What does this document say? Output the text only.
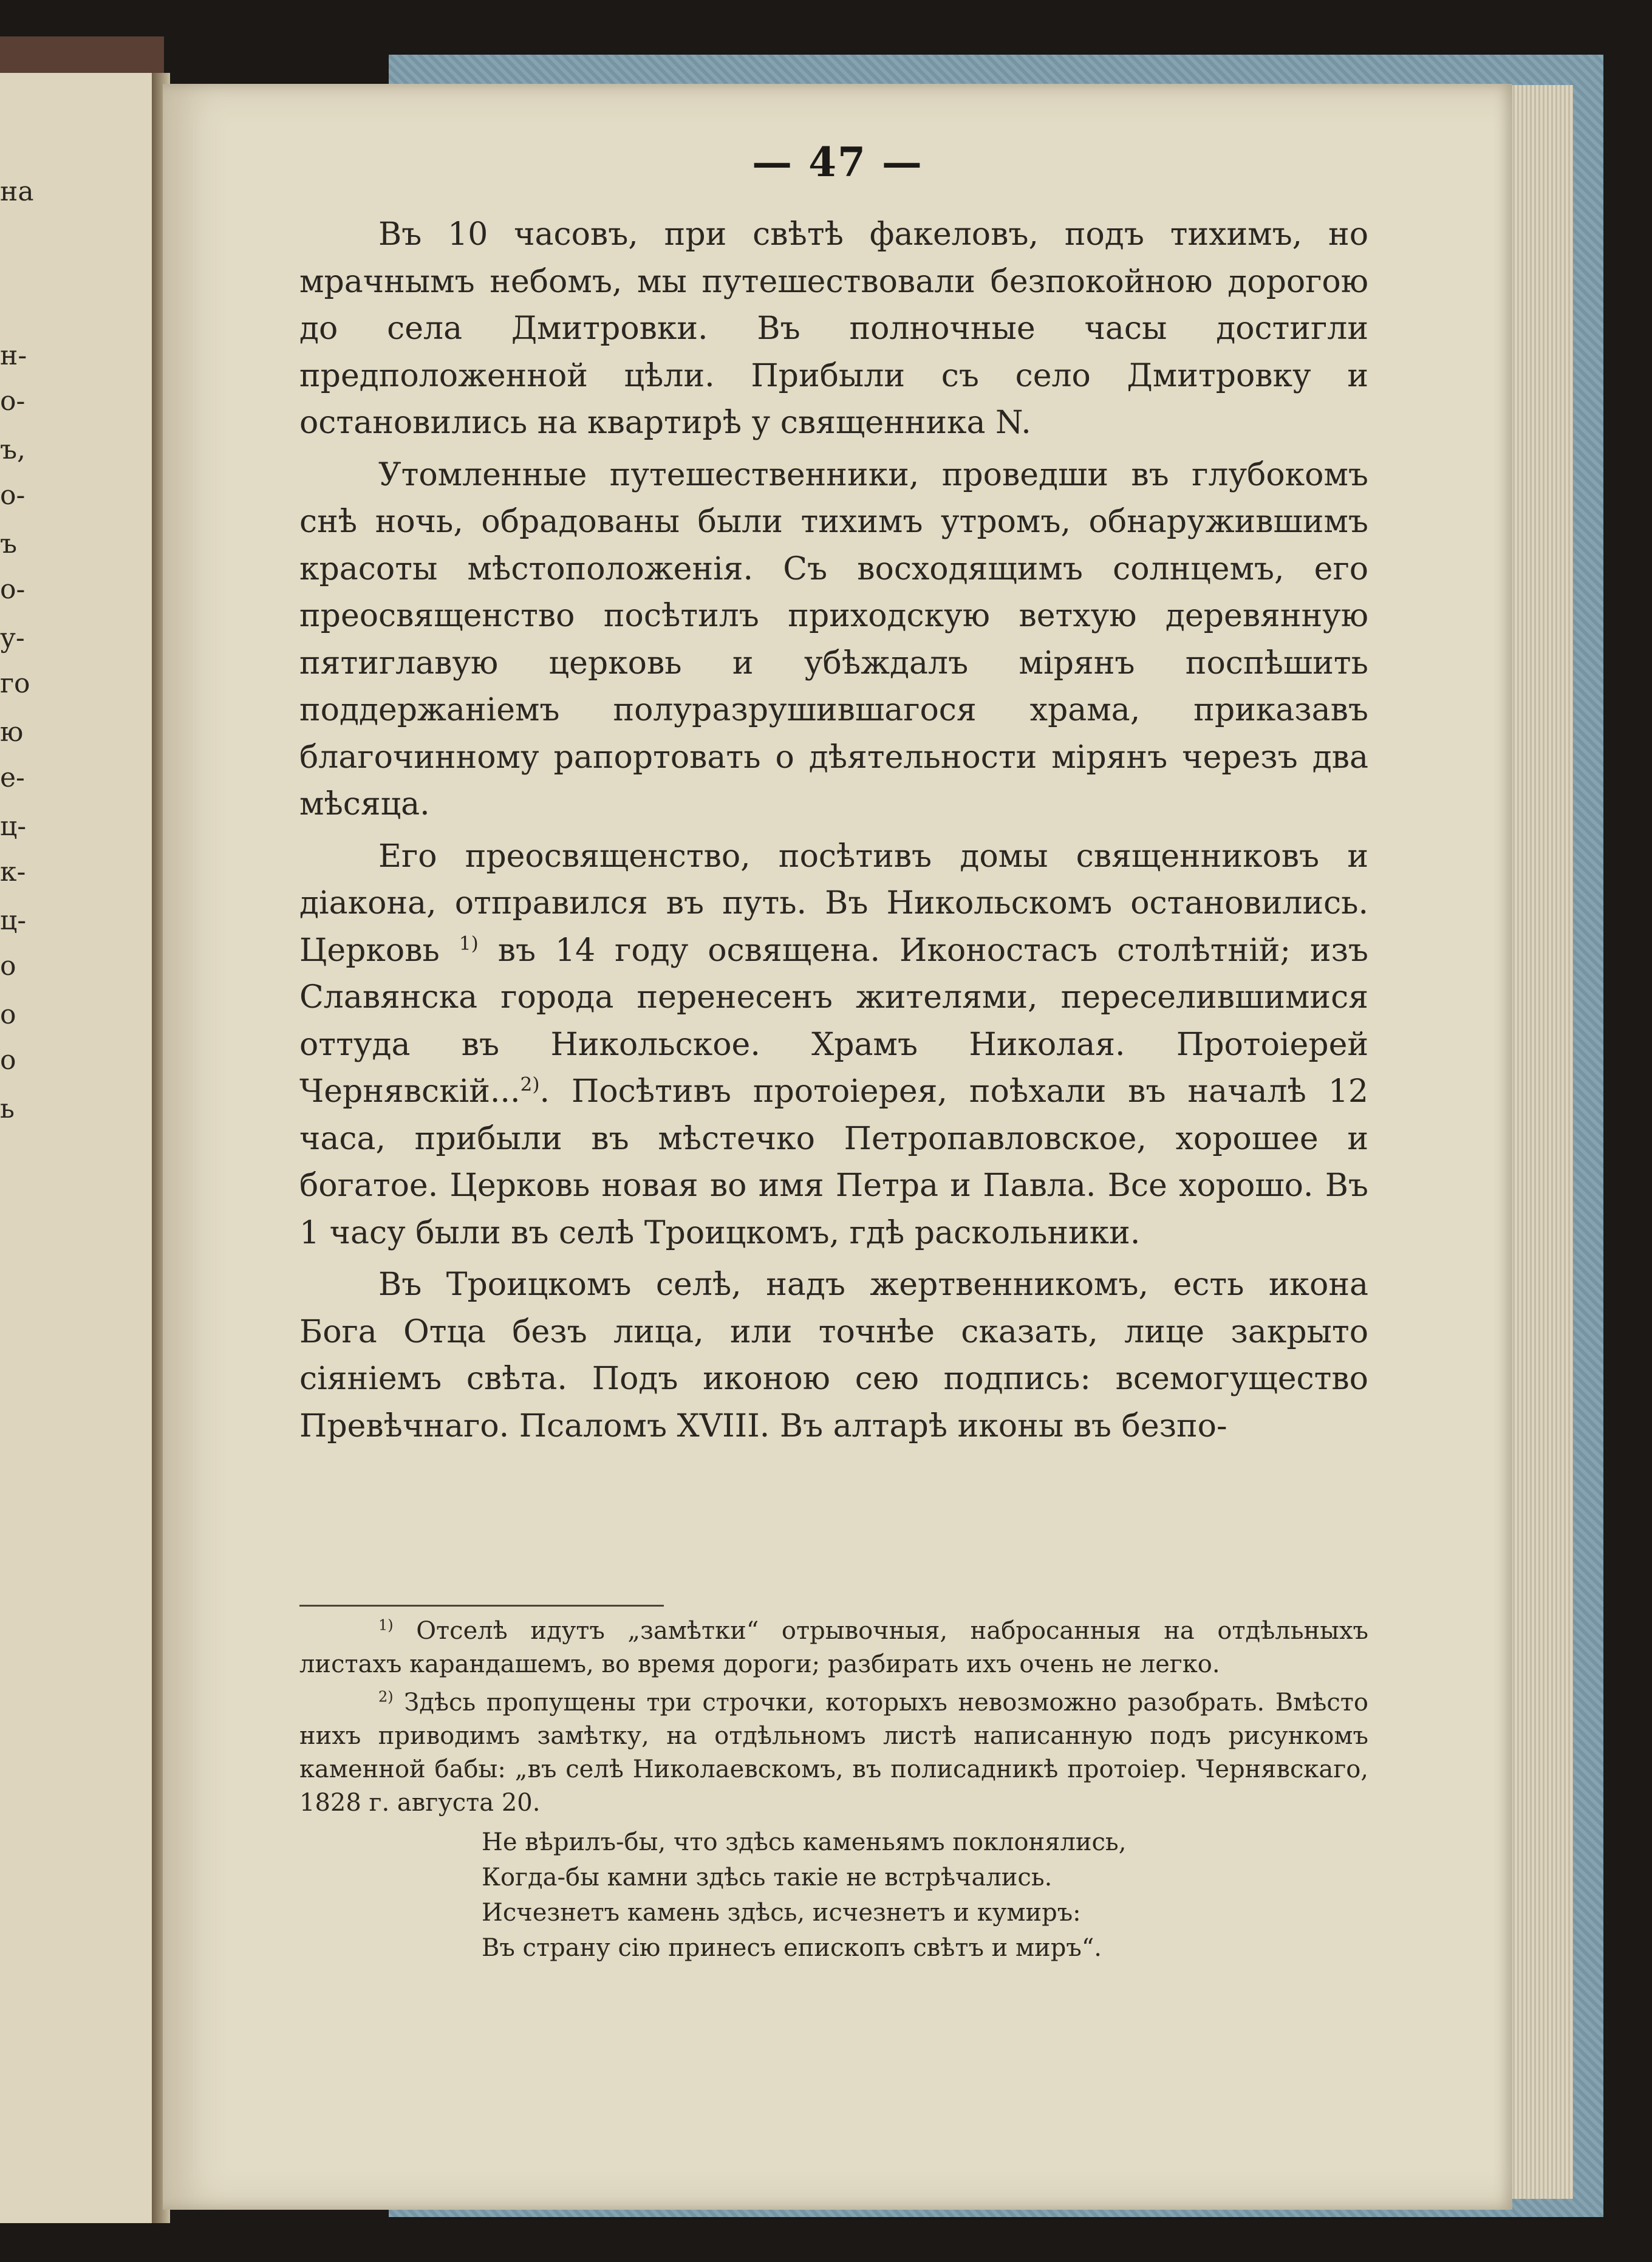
на
н-
о-
ъ,
о-
ъ
о-
у-
го
ю
е-
ц-
к-
ц-
о
о
о
ь
— 47 —

Въ 10 часовъ, при свѣтѣ факеловъ, подъ тихимъ, но мрачнымъ небомъ, мы путешествовали безпокойною дорогою до села Дмитровки. Въ полночные часы достигли предположенной цѣли. Прибыли съ село Дмитровку и остановились на квартирѣ у священника N.

Утомленные путешественники, проведши въ глубокомъ снѣ ночь, обрадованы были тихимъ утромъ, обнаружившимъ красоты мѣстоположенія. Съ восходящимъ солнцемъ, его преосвященство посѣтилъ приходскую ветхую деревянную пятиглавую церковь и убѣждалъ мірянъ поспѣшить поддержаніемъ полуразрушившагося храма, приказавъ благочинному рапортовать о дѣятельности мірянъ черезъ два мѣсяца.

Его преосвященство, посѣтивъ домы священниковъ и діакона, отправился въ путь. Въ Никольскомъ остановились. Церковь $^{1)}$ въ 14 году освящена. Иконостасъ столѣтній; изъ Славянска города перенесенъ жителями, переселившимися оттуда въ Никольское. Храмъ Николая. Протоіерей Чернявскій...$^{2)}$. Посѣтивъ протоіерея, поѣхали въ началѣ 12 часа, прибыли въ мѣстечко Петропавловское, хорошее и богатое. Церковь новая во имя Петра и Павла. Все хорошо. Въ 1 часу были въ селѣ Троицкомъ, гдѣ раскольники.

Въ Троицкомъ селѣ, надъ жертвенникомъ, есть икона Бога Отца безъ лица, или точнѣе сказать, лице закрыто сіяніемъ свѣта. Подъ иконою сею подпись: всемогущество Превѣчнаго. Псаломъ XVIII. Въ алтарѣ иконы въ безпо-

$^{1)}$ Отселѣ идутъ „замѣтки“ отрывочныя, набросанныя на отдѣльныхъ листахъ карандашемъ, во время дороги; разбирать ихъ очень не легко.

$^{2)}$ Здѣсь пропущены три строчки, которыхъ невозможно разобрать. Вмѣсто нихъ приводимъ замѣтку, на отдѣльномъ листѣ написанную подъ рисункомъ каменной бабы: „въ селѣ Николаевскомъ, въ полисадникѣ протоіер. Чернявскаго, 1828 г. августа 20.

Не вѣрилъ-бы, что здѣсь каменьямъ поклонялись,

Когда-бы камни здѣсь такіе не встрѣчались.

Исчезнетъ камень здѣсь, исчезнетъ и кумиръ:

Въ страну сію принесъ епископъ свѣтъ и миръ“.
